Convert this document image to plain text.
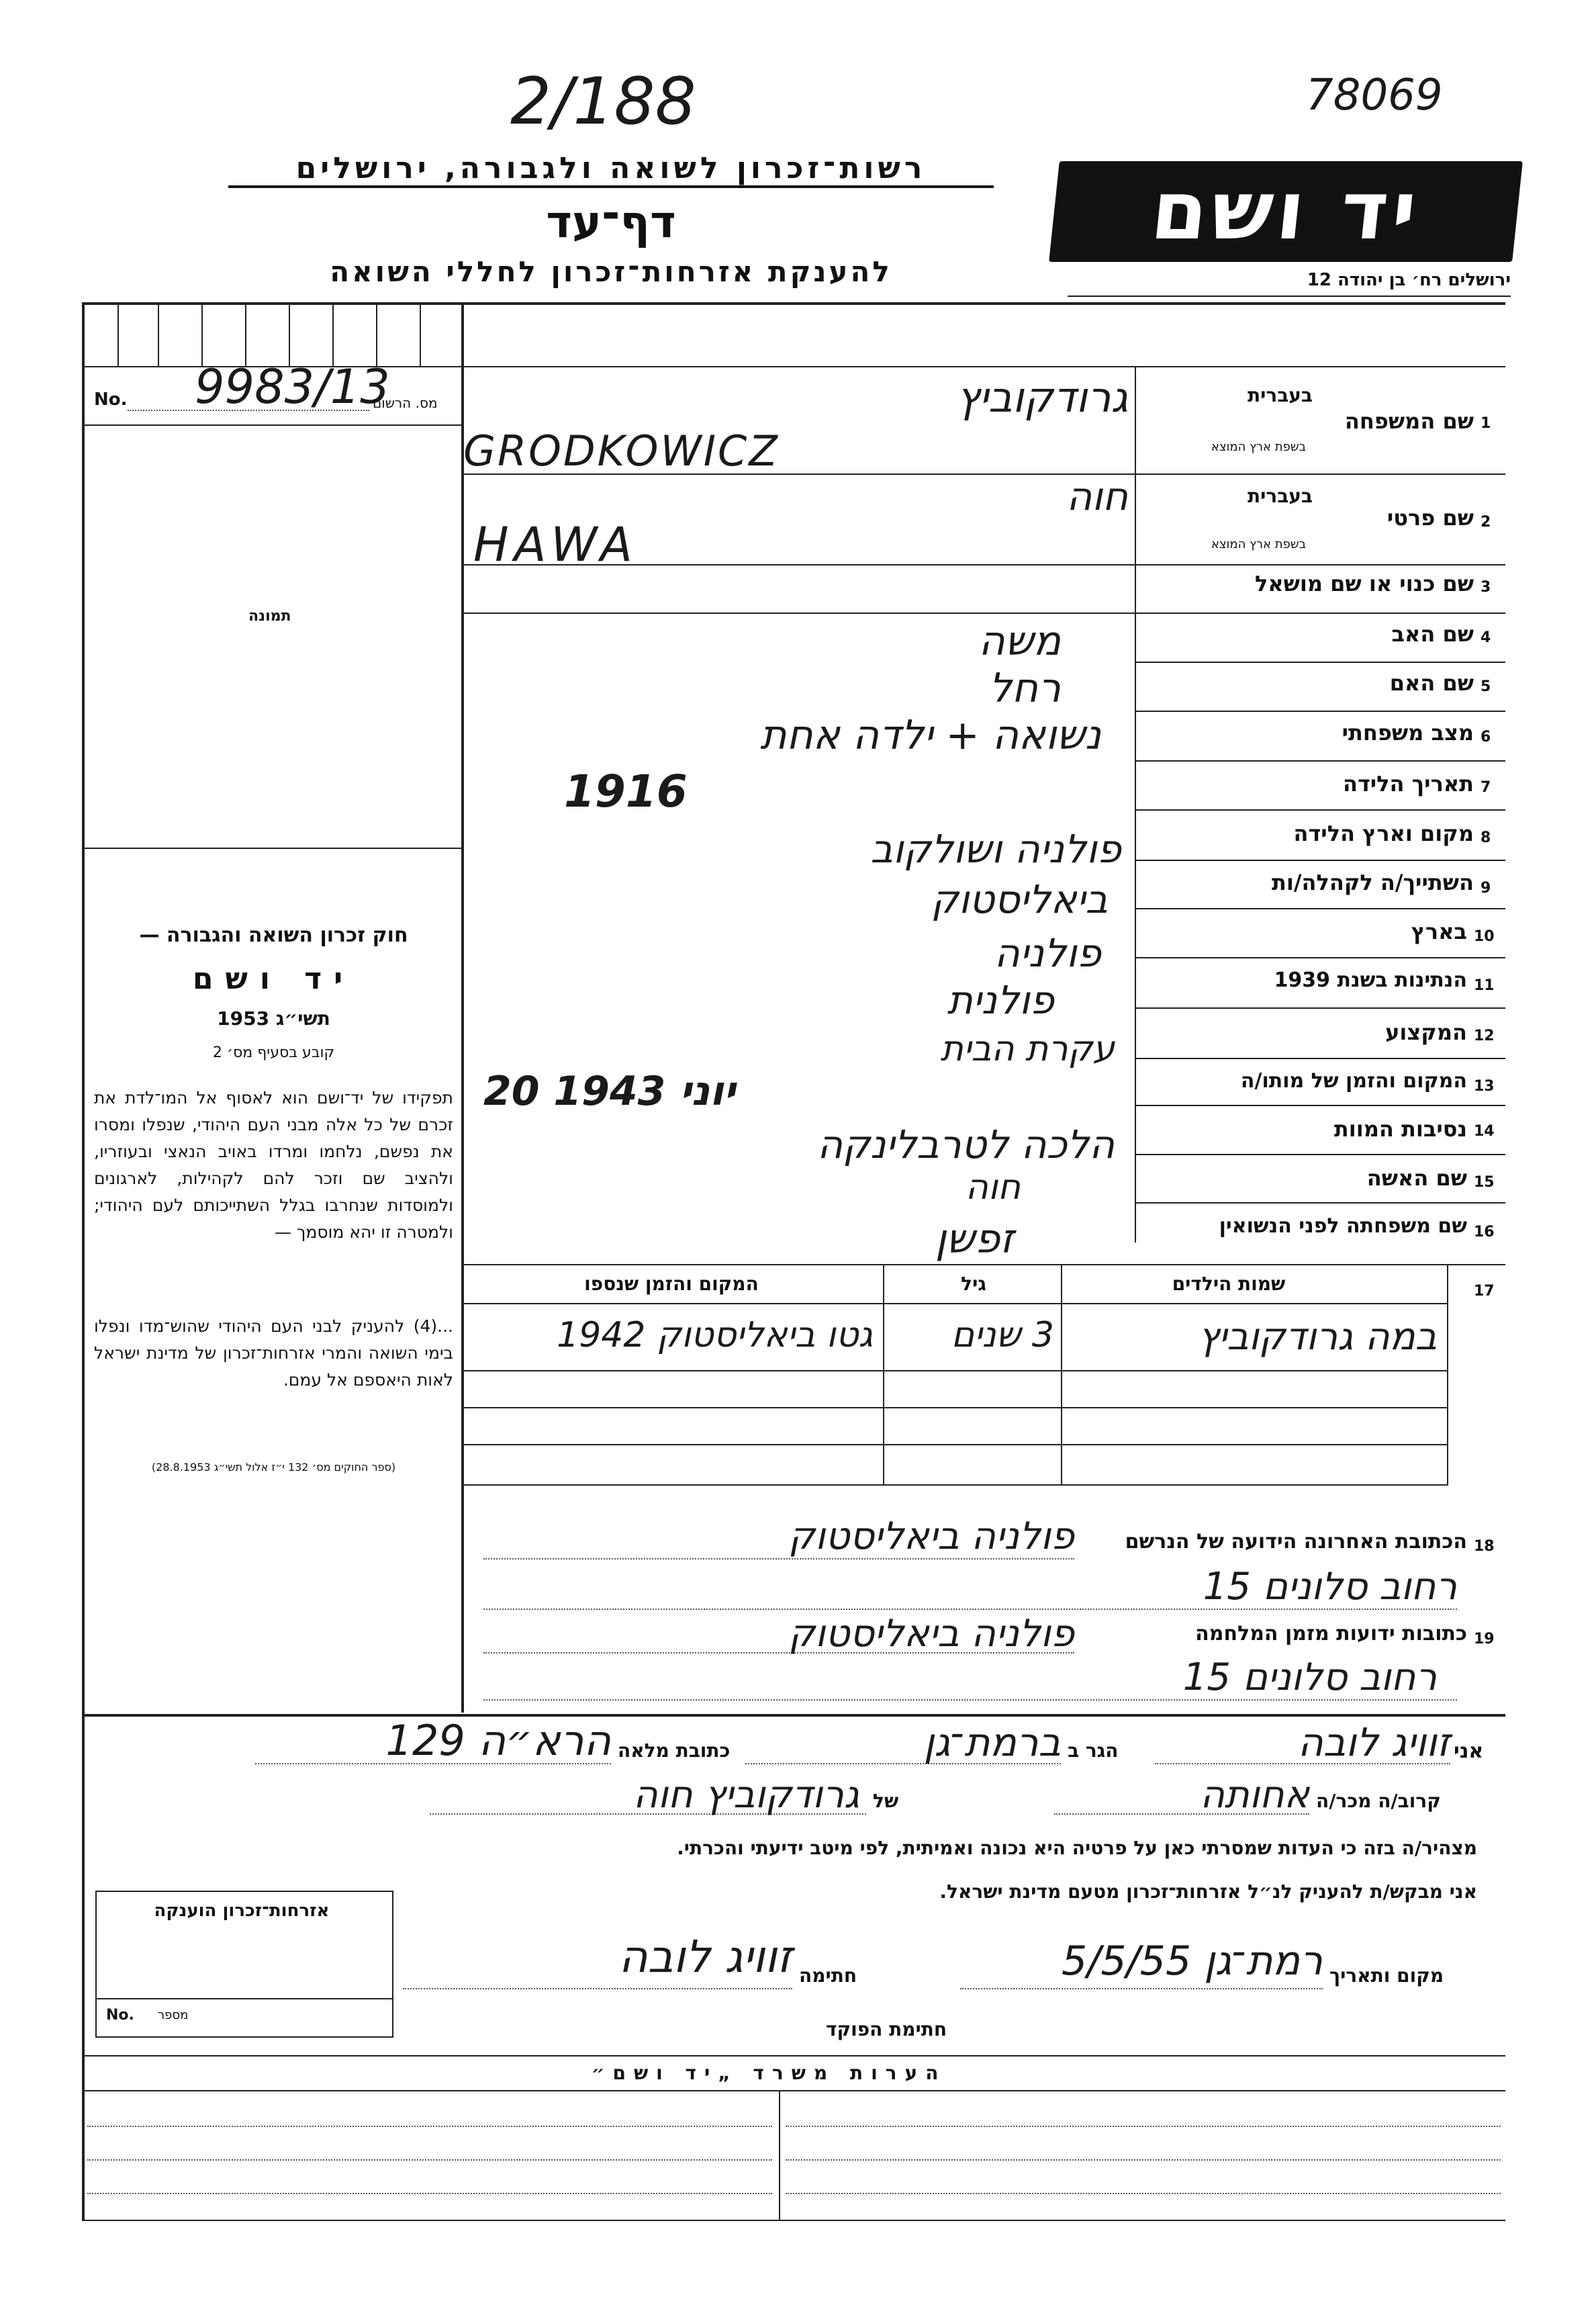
2/188	78069
רשות־זכרון לשואה ולגבורה, ירושלים
דף־עד
להענקת אזרחות־זכרון לחללי השואה
יד ושם
ירושלים רח׳ בן יהודה 12
No. 9983/13
מס. הרשום
תמונה
חוק זכרון השואה והגבורה —
יד ושם
תשי״ג 1953
קובע בסעיף מס׳ 2
תפקידו של יד־ושם הוא לאסוף אל המו־לדת את זכרם של כל אלה מבני העם היהודי, שנפלו ומסרו את נפשם, נלחמו ומרדו באויב הנאצי ובעוזריו, ולהציב שם וזכר להם לקהילות, לארגונים ולמוסדות שנחרבו בגלל השתייכותם לעם היהודי; ולמטרה זו יהא מוסמך —
...(4) להעניק לבני העם היהודי שהוש־מדו ונפלו בימי השואה והמרי אזרחות־זכרון של מדינת ישראל לאות היאספם אל עמם.
(ספר החוקים מס׳ 132 י״ז אלול תשי״ג 28.8.1953)
1
שם המשפחה
בעברית
בשפת ארץ המוצא
גרודקוביץ
GRODKOWICZ
2
שם פרטי
בעברית
בשפת ארץ המוצא
חוה
HAWA
3
שם כנוי או שם מושאל
4
שם האב
משה
5
שם האם
רחל
6
מצב משפחתי
נשואה + ילדה אחת
7
תאריך הלידה
1916
8
מקום וארץ הלידה
פולניה ושולקוב
9
השתייך/ה לקהלה/ות
ביאליסטוק
10
בארץ
פולניה
11
הנתינות בשנת 1939
פולנית
12
המקצוע
עקרת הבית
13
המקום והזמן של מותו/ה
20 יוני 1943
14
נסיבות המוות
הלכה לטרבלינקה
15
שם האשה
חוה
16
שם משפחתה לפני הנשואין
זפשן
17
שמות הילדים
גיל
המקום והזמן שנספו
במה גרודקוביץ
3 שנים
גטו ביאליסטוק 1942
18
הכתובת האחרונה הידועה של הנרשם
פולניה ביאליסטוק
רחוב סלונים 15
19
כתובות ידועות מזמן המלחמה
פולניה ביאליסטוק
רחוב סלונים 15
אני
זוויג לובה
הגר ב
ברמת־גן
כתובת מלאה
הרא״ה 129
קרוב/ה מכר/ה
אחותה
של
גרודקוביץ חוה
מצהיר/ה בזה כי העדות שמסרתי כאן על פרטיה היא נכונה ואמיתית, לפי מיטב ידיעתי והכרתי.
אני מבקש/ת להעניק לנ״ל אזרחות־זכרון מטעם מדינת ישראל.
מקום ותאריך
רמת־גן 5/5/55
חתימה
זוויג לובה
חתימת הפוקד
אזרחות־זכרון הוענקה
No. מספר
הערות משרד „יד ושם״
